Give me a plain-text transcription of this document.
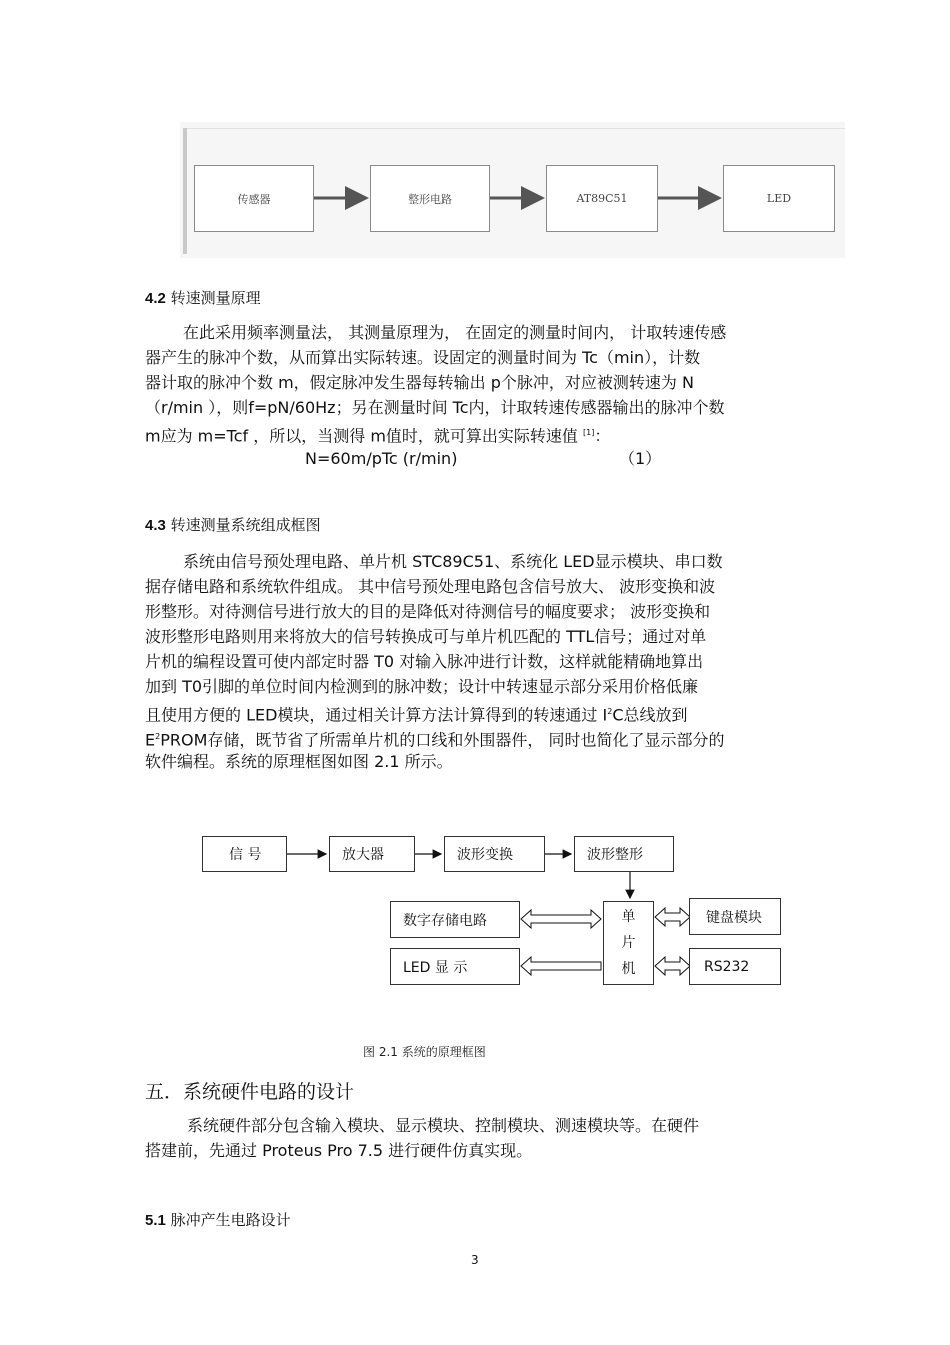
传感器	整形电路	AT89C51	LED
4.2 转速测量原理
在此采用频率测量法， 其测量原理为， 在固定的测量时间内， 计取转速传感
器产生的脉冲个数，从而算出实际转速。设固定的测量时间为 Tc（min），计数
器计取的脉冲个数 m，假定脉冲发生器每转输出 p个脉冲，对应被测转速为 N
（r/min ），则f=pN/60Hz；另在测量时间 Tc内，计取转速传感器输出的脉冲个数
m应为 m=Tcf ，所以，当测得 m值时，就可算出实际转速值 [1]：
N=60m/pTc (r/min)	（1）
4.3 转速测量系统组成框图
系统由信号预处理电路、单片机 STC89C51、系统化 LED显示模块、串口数
据存储电路和系统软件组成。 其中信号预处理电路包含信号放大、 波形变换和波
形整形。对待测信号进行放大的目的是降低对待测信号的幅度要求； 波形变换和
波形整形电路则用来将放大的信号转换成可与单片机匹配的 TTL信号；通过对单
片机的编程设置可使内部定时器 T0 对输入脉冲进行计数，这样就能精确地算出
加到 T0引脚的单位时间内检测到的脉冲数；设计中转速显示部分采用价格低廉
且使用方便的 LED模块，通过相关计算方法计算得到的转速通过 $I^2C$总线放到
$E^2PROM$存储，既节省了所需单片机的口线和外围器件， 同时也简化了显示部分的
软件编程。系统的原理框图如图 2.1 所示。
信 号	放大器	波形变换	波形整形
数字存储电路	单
片
机
键盘模块
LED 显 示	RS232
图 2.1 系统的原理框图
五．系统硬件电路的设计
系统硬件部分包含输入模块、显示模块、控制模块、测速模块等。在硬件
搭建前，先通过 Proteus Pro 7.5 进行硬件仿真实现。
5.1 脉冲产生电路设计
3
